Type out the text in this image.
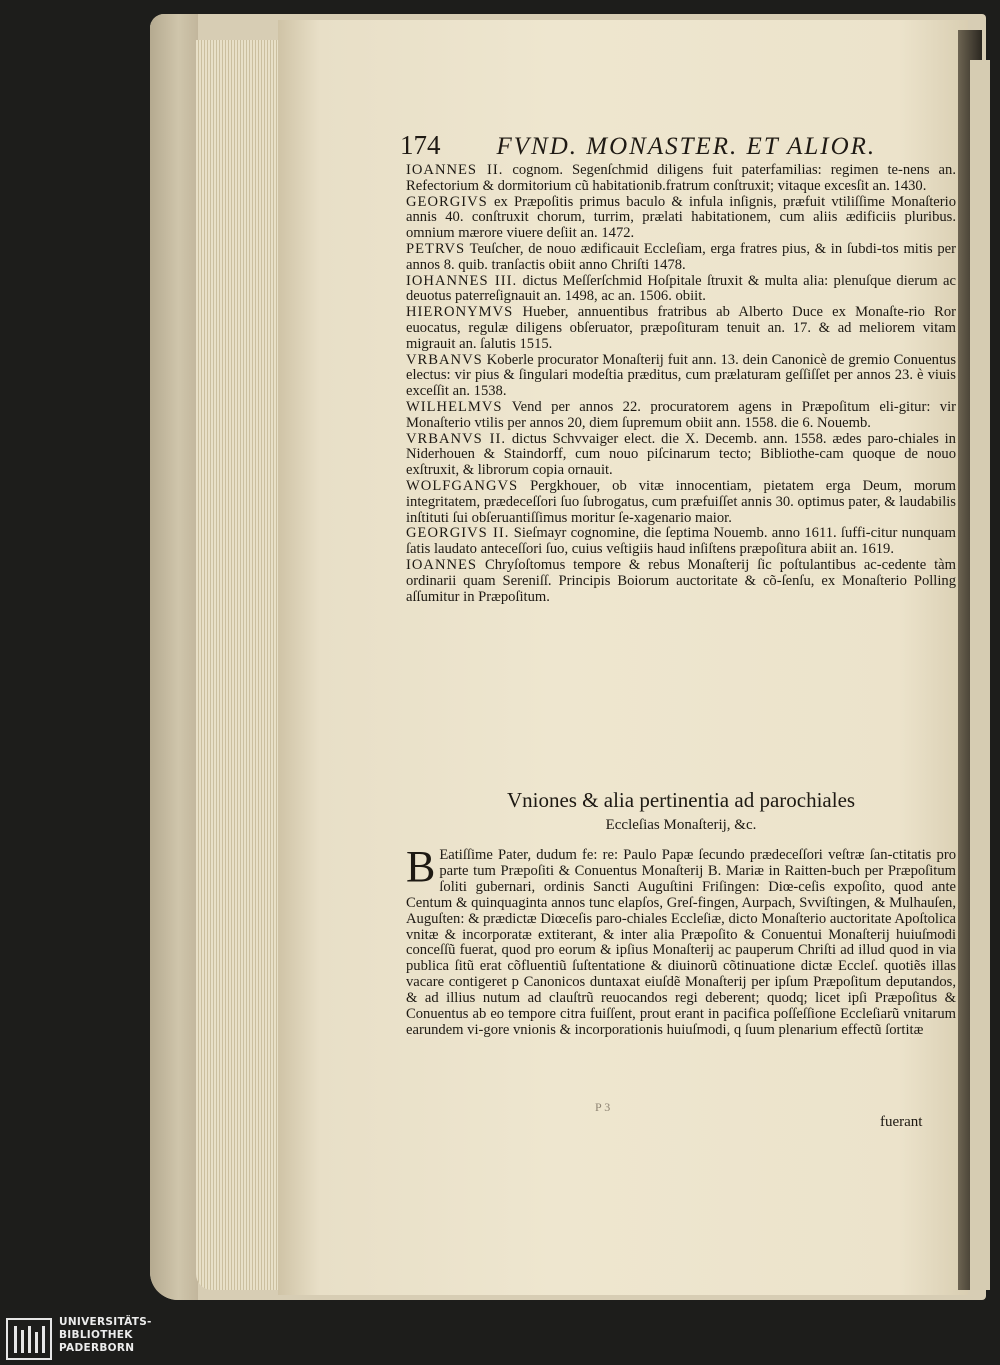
174 FVND. MONASTER. ET ALIOR.

IOANNES II. cognom. Segenſchmid diligens fuit paterfamilias: regimen te-nens an. Refectorium & dormitorium cũ habitationib.fratrum conſtruxit; vitaque excesſit an. 1430.

GEORGIVS ex Præpoſitis primus baculo & infula inſignis, præfuit vtiliſſime Monaſterio annis 40. conſtruxit chorum, turrim, prælati habitationem, cum aliis ædificiis pluribus. omnium mærore viuere deſiit an. 1472.

PETRVS Teuſcher, de nouo ædificauit Eccleſiam, erga fratres pius, & in ſubdi-tos mitis per annos 8. quib. tranſactis obiit anno Chriſti 1478.

IOHANNES III. dictus Meſſerſchmid Hoſpitale ſtruxit & multa alia: plenuſque dierum ac deuotus paterreſignauit an. 1498, ac an. 1506. obiit.

HIERONYMVS Hueber, annuentibus fratribus ab Alberto Duce ex Monaſte-rio Ror euocatus, regulæ diligens obſeruator, præpoſituram tenuit an. 17. & ad meliorem vitam migrauit an. ſalutis 1515.

VRBANVS Koberle procurator Monaſterij fuit ann. 13. dein Canonicè de gremio Conuentus electus: vir pius & ſingulari modeſtia præditus, cum prælaturam geſſiſſet per annos 23. è viuis exceſſit an. 1538.

WILHELMVS Vend per annos 22. procuratorem agens in Præpoſitum eli-gitur: vir Monaſterio vtilis per annos 20, diem ſupremum obiit ann. 1558. die 6. Nouemb.

VRBANVS II. dictus Schvvaiger elect. die X. Decemb. ann. 1558. ædes paro-chiales in Niderhouen & Staindorff, cum nouo piſcinarum tecto; Bibliothe-cam quoque de nouo exſtruxit, & librorum copia ornauit.

WOLFGANGVS Pergkhouer, ob vitæ innocentiam, pietatem erga Deum, morum integritatem, prædeceſſori ſuo ſubrogatus, cum præfuiſſet annis 30. optimus pater, & laudabilis inſtituti ſui obſeruantiſſimus moritur ſe-xagenario maior.

GEORGIVS II. Sieſmayr cognomine, die ſeptima Nouemb. anno 1611. ſuffi-citur nunquam ſatis laudato anteceſſori ſuo, cuius veſtigiis haud inſiſtens præpoſitura abiit an. 1619.

IOANNES Chryſoſtomus tempore & rebus Monaſterij ſic poſtulantibus ac-cedente tàm ordinarii quam Sereniſſ. Principis Boiorum auctoritate & cõ-ſenſu, ex Monaſterio Polling aſſumitur in Præpoſitum.

Vniones & alia pertinentia ad parochiales
Eccleſias Monaſterij, &c.
B Eatiſſime Pater, dudum fe: re: Paulo Papæ ſecundo prædeceſſori veſtræ ſan-ctitatis pro parte tum Præpoſiti & Conuentus Monaſterij B. Mariæ in Raitten-buch per Præpoſitum ſoliti gubernari, ordinis Sancti Auguſtini Friſingen: Diœ-ceſis expoſito, quod ante Centum & quinquaginta annos tunc elapſos, Greſ-fingen, Aurpach, Svviſtingen, & Mulhauſen, Auguſten: & prædictæ Diœceſis paro-chiales Eccleſiæ, dicto Monaſterio auctoritate Apoſtolica vnitæ & incorporatæ extiterant, & inter alia Præpoſito & Conuentui Monaſterij huiuſmodi conceſſũ fuerat, quod pro eorum & ipſius Monaſterij ac pauperum Chriſti ad illud quod in via publica ſitũ erat cõfluentiũ ſuſtentatione & diuinorũ cõtinuatione dictæ Eccleſ. quotiẽs illas vacare contigeret p Canonicos duntaxat eiuſdẽ Monaſterij per ipſum Præpoſitum deputandos, & ad illius nutum ad clauſtrũ reuocandos regi deberent; quodq; licet ipſi Præpoſitus & Conuentus ab eo tempore citra fuiſſent, prout erant in pacifica poſſeſſione Eccleſiarũ vnitarum earundem vi-gore vnionis & incorporationis huiuſmodi, q ſuum plenarium effectũ ſortitæ
P 3
fuerant
UNIVERSITÄTS-
BIBLIOTHEK
PADERBORN
